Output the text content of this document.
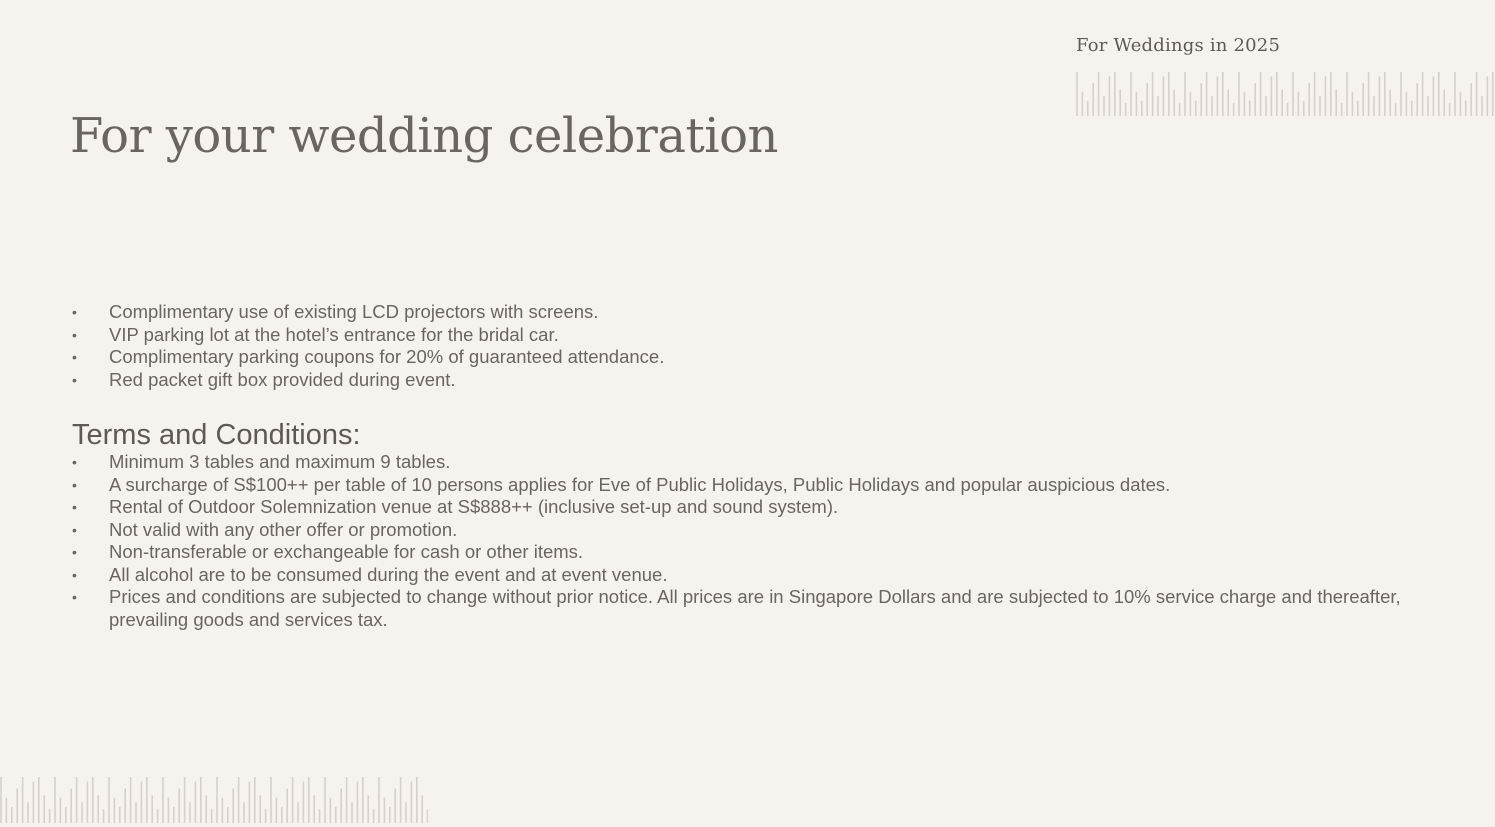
For Weddings in 2025
For your wedding celebration
• Complimentary use of existing LCD projectors with screens.
• VIP parking lot at the hotel’s entrance for the bridal car.
• Complimentary parking coupons for 20% of guaranteed attendance.
• Red packet gift box provided during event.
Terms and Conditions:
• Minimum 3 tables and maximum 9 tables.
• A surcharge of S$100++ per table of 10 persons applies for Eve of Public Holidays, Public Holidays and popular auspicious dates.
• Rental of Outdoor Solemnization venue at S$888++ (inclusive set-up and sound system).
• Not valid with any other offer or promotion.
• Non-transferable or exchangeable for cash or other items.
• All alcohol are to be consumed during the event and at event venue.
• Prices and conditions are subjected to change without prior notice. All prices are in Singapore Dollars and are subjected to 10% service charge and thereafter, prevailing goods and services tax.
